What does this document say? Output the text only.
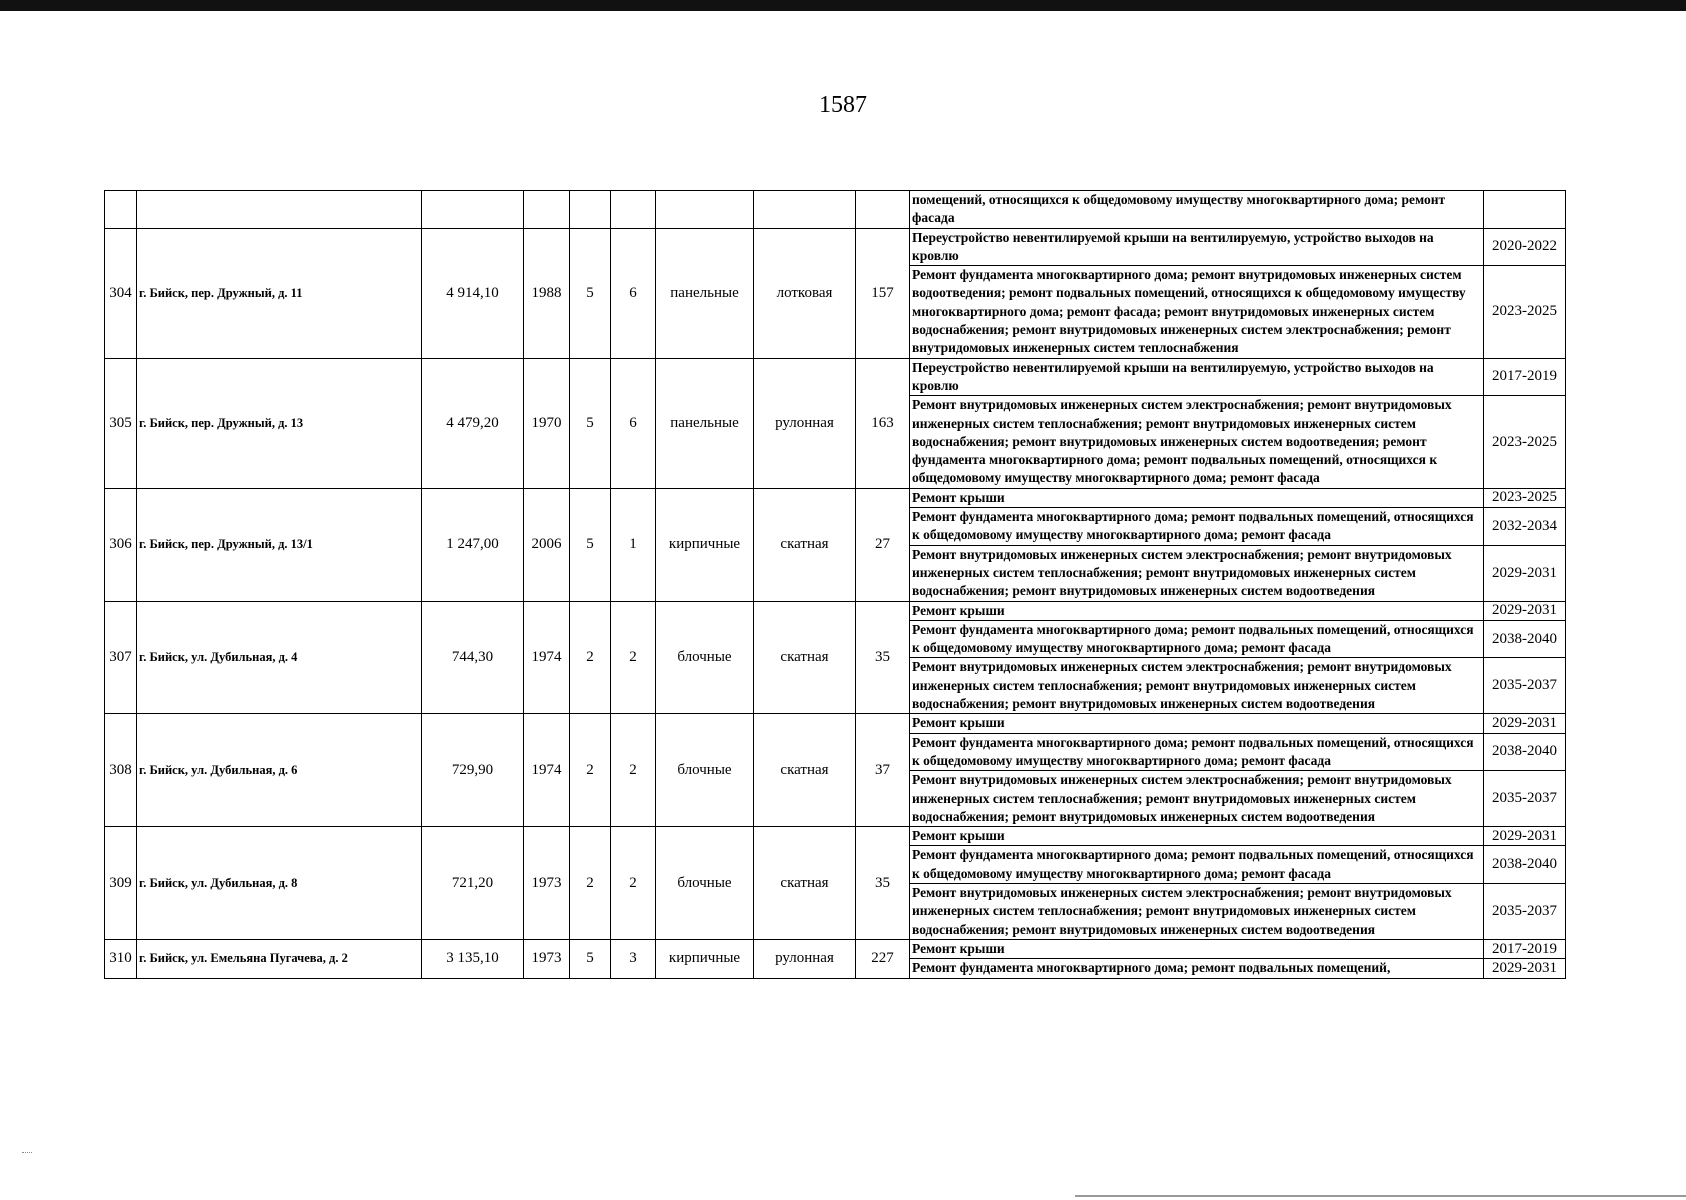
1587
									помещений, относящихся к общедомовому имуществу многоквартирного дома; ремонт фасада	
304	г. Бийск, пер. Дружный, д. 11	4 914,10	1988	5	6	панельные	лотковая	157	Переустройство невентилируемой крыши на вентилируемую, устройство выходов на кровлю	2020-2022
									Ремонт фундамента многоквартирного дома; ремонт внутридомовых инженерных систем водоотведения; ремонт подвальных помещений, относящихся к общедомовому имуществу многоквартирного дома; ремонт фасада; ремонт внутридомовых инженерных систем водоснабжения; ремонт внутридомовых инженерных систем электроснабжения; ремонт внутридомовых инженерных систем теплоснабжения	2023-2025
305	г. Бийск, пер. Дружный, д. 13	4 479,20	1970	5	6	панельные	рулонная	163	Переустройство невентилируемой крыши на вентилируемую, устройство выходов на кровлю	2017-2019
									Ремонт внутридомовых инженерных систем электроснабжения; ремонт внутридомовых инженерных систем теплоснабжения; ремонт внутридомовых инженерных систем водоснабжения; ремонт внутридомовых инженерных систем водоотведения; ремонт фундамента многоквартирного дома; ремонт подвальных помещений, относящихся к общедомовому имуществу многоквартирного дома; ремонт фасада	2023-2025
306	г. Бийск, пер. Дружный, д. 13/1	1 247,00	2006	5	1	кирпичные	скатная	27	Ремонт крыши	2023-2025
									Ремонт фундамента многоквартирного дома; ремонт подвальных помещений, относящихся к общедомовому имуществу многоквартирного дома; ремонт фасада	2032-2034
									Ремонт внутридомовых инженерных систем электроснабжения; ремонт внутридомовых инженерных систем теплоснабжения; ремонт внутридомовых инженерных систем водоснабжения; ремонт внутридомовых инженерных систем водоотведения	2029-2031
307	г. Бийск, ул. Дубильная, д. 4	744,30	1974	2	2	блочные	скатная	35	Ремонт крыши	2029-2031
									Ремонт фундамента многоквартирного дома; ремонт подвальных помещений, относящихся к общедомовому имуществу многоквартирного дома; ремонт фасада	2038-2040
									Ремонт внутридомовых инженерных систем электроснабжения; ремонт внутридомовых инженерных систем теплоснабжения; ремонт внутридомовых инженерных систем водоснабжения; ремонт внутридомовых инженерных систем водоотведения	2035-2037
308	г. Бийск, ул. Дубильная, д. 6	729,90	1974	2	2	блочные	скатная	37	Ремонт крыши	2029-2031
									Ремонт фундамента многоквартирного дома; ремонт подвальных помещений, относящихся к общедомовому имуществу многоквартирного дома; ремонт фасада	2038-2040
									Ремонт внутридомовых инженерных систем электроснабжения; ремонт внутридомовых инженерных систем теплоснабжения; ремонт внутридомовых инженерных систем водоснабжения; ремонт внутридомовых инженерных систем водоотведения	2035-2037
309	г. Бийск, ул. Дубильная, д. 8	721,20	1973	2	2	блочные	скатная	35	Ремонт крыши	2029-2031
									Ремонт фундамента многоквартирного дома; ремонт подвальных помещений, относящихся к общедомовому имуществу многоквартирного дома; ремонт фасада	2038-2040
									Ремонт внутридомовых инженерных систем электроснабжения; ремонт внутридомовых инженерных систем теплоснабжения; ремонт внутридомовых инженерных систем водоснабжения; ремонт внутридомовых инженерных систем водоотведения	2035-2037
310	г. Бийск, ул. Емельяна Пугачева, д. 2	3 135,10	1973	5	3	кирпичные	рулонная	227	Ремонт крыши	2017-2019
									Ремонт фундамента многоквартирного дома; ремонт подвальных помещений,	2029-2031
